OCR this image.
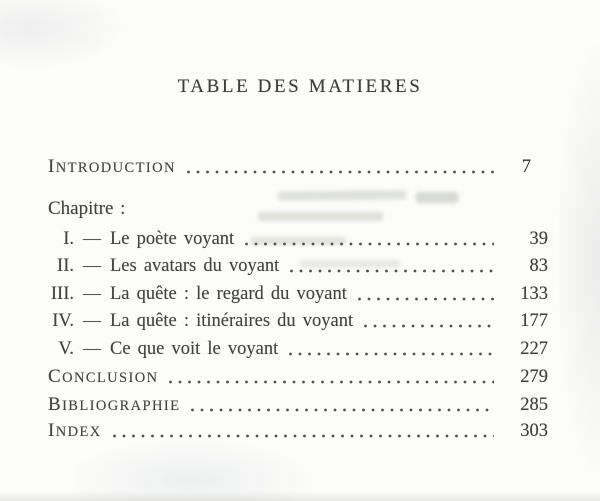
TABLE DES MATIERES
INTRODUCTION	7
Chapitre :
I. — Le poète voyant	39
II. — Les avatars du voyant	83
III. — La quête : le regard du voyant	133
IV. — La quête : itinéraires du voyant	177
V. — Ce que voit le voyant	227
CONCLUSION	279
BIBLIOGRAPHIE	285
INDEX	303
